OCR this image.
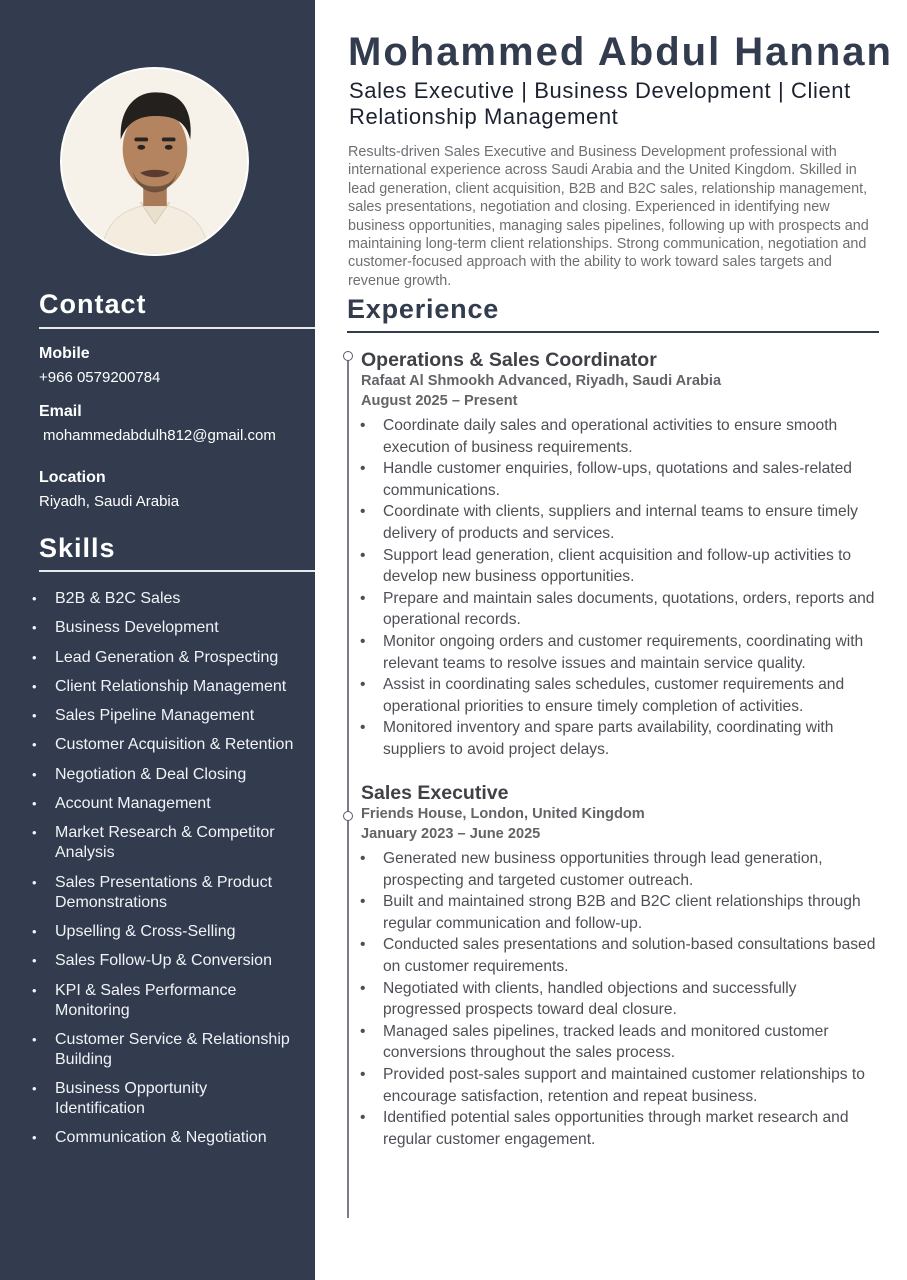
Contact
Mobile
+966 0579200784
Email
mohammedabdulh812@gmail.com
Location
Riyadh, Saudi Arabia
Skills
• B2B & B2C Sales
• Business Development
• Lead Generation & Prospecting
• Client Relationship Management
• Sales Pipeline Management
• Customer Acquisition & Retention
• Negotiation & Deal Closing
• Account Management
• Market Research & Competitor Analysis
• Sales Presentations & Product Demonstrations
• Upselling & Cross-Selling
• Sales Follow-Up & Conversion
• KPI & Sales Performance Monitoring
• Customer Service & Relationship Building
• Business Opportunity Identification
• Communication & Negotiation
Mohammed Abdul Hannan

Sales Executive | Business Development | Client Relationship Management

Results-driven Sales Executive and Business Development professional with international experience across Saudi Arabia and the United Kingdom. Skilled in lead generation, client acquisition, B2B and B2C sales, relationship management, sales presentations, negotiation and closing. Experienced in identifying new business opportunities, managing sales pipelines, following up with prospects and maintaining long-term client relationships. Strong communication, negotiation and customer-focused approach with the ability to work toward sales targets and revenue growth.

Experience
Operations & Sales Coordinator
Rafaat Al Shmookh Advanced, Riyadh, Saudi Arabia
August 2025 – Present
• Coordinate daily sales and operational activities to ensure smooth execution of business requirements.
• Handle customer enquiries, follow-ups, quotations and sales-related communications.
• Coordinate with clients, suppliers and internal teams to ensure timely delivery of products and services.
• Support lead generation, client acquisition and follow-up activities to develop new business opportunities.
• Prepare and maintain sales documents, quotations, orders, reports and operational records.
• Monitor ongoing orders and customer requirements, coordinating with relevant teams to resolve issues and maintain service quality.
• Assist in coordinating sales schedules, customer requirements and operational priorities to ensure timely completion of activities.
• Monitored inventory and spare parts availability, coordinating with suppliers to avoid project delays.
Sales Executive
Friends House, London, United Kingdom
January 2023 – June 2025
• Generated new business opportunities through lead generation, prospecting and targeted customer outreach.
• Built and maintained strong B2B and B2C client relationships through regular communication and follow-up.
• Conducted sales presentations and solution-based consultations based on customer requirements.
• Negotiated with clients, handled objections and successfully progressed prospects toward deal closure.
• Managed sales pipelines, tracked leads and monitored customer conversions throughout the sales process.
• Provided post-sales support and maintained customer relationships to encourage satisfaction, retention and repeat business.
• Identified potential sales opportunities through market research and regular customer engagement.
